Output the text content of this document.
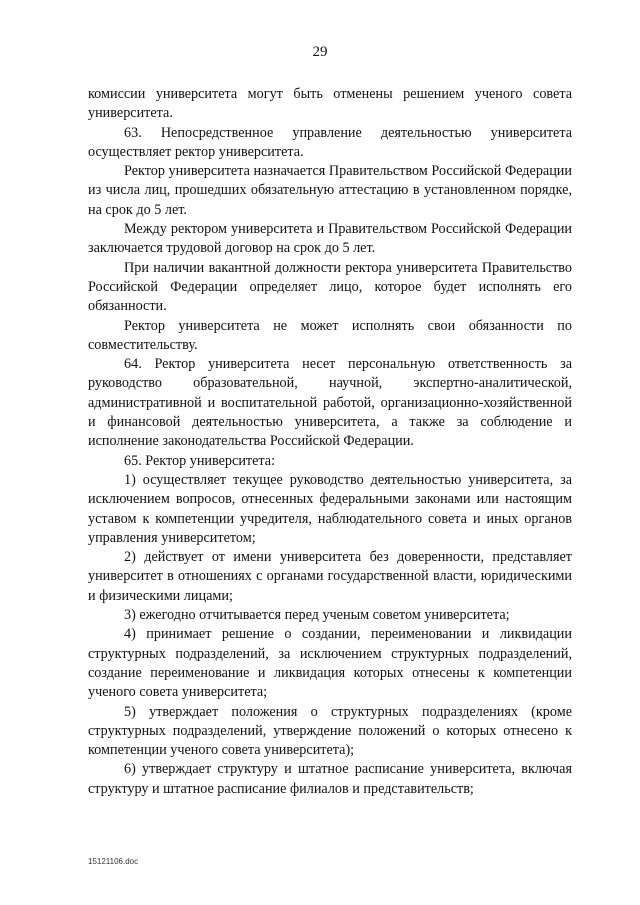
29

комиссии университета могут быть отменены решением ученого совета университета.

63. Непосредственное управление деятельностью университета осуществляет ректор университета.

Ректор университета назначается Правительством Российской Федерации из числа лиц, прошедших обязательную аттестацию в установленном порядке, на срок до 5 лет.

Между ректором университета и Правительством Российской Федерации заключается трудовой договор на срок до 5 лет.

При наличии вакантной должности ректора университета Правительство Российской Федерации определяет лицо, которое будет исполнять его обязанности.

Ректор университета не может исполнять свои обязанности по совместительству.

64. Ректор университета несет персональную ответственность за руководство образовательной, научной, экспертно-аналитической, административной и воспитательной работой, организационно-хозяйственной и финансовой деятельностью университета, а также за соблюдение и исполнение законодательства Российской Федерации.

65. Ректор университета:

1) осуществляет текущее руководство деятельностью университета, за исключением вопросов, отнесенных федеральными законами или настоящим уставом к компетенции учредителя, наблюдательного совета и иных органов управления университетом;

2) действует от имени университета без доверенности, представляет университет в отношениях с органами государственной власти, юридическими и физическими лицами;

3) ежегодно отчитывается перед ученым советом университета;

4) принимает решение о создании, переименовании и ликвидации структурных подразделений, за исключением структурных подразделений, создание переименование и ликвидация которых отнесены к компетенции ученого совета университета;

5) утверждает положения о структурных подразделениях (кроме структурных подразделений, утверждение положений о которых отнесено к компетенции ученого совета университета);

6) утверждает структуру и штатное расписание университета, включая структуру и штатное расписание филиалов и представительств;

15121106.doc
